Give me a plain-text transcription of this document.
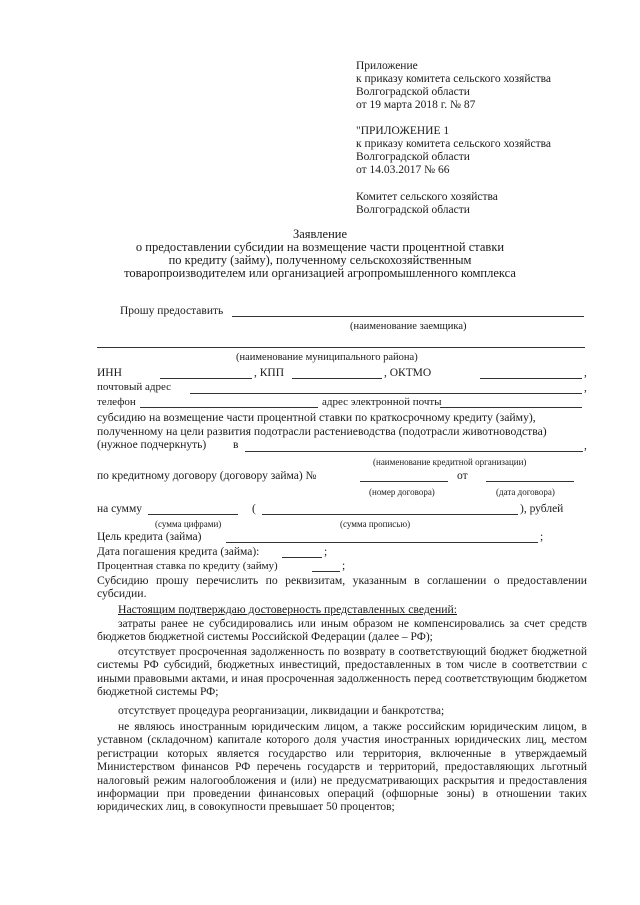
Приложение
к приказу комитета сельского хозяйства
Волгоградской области
от 19 марта 2018 г. № 87
"ПРИЛОЖЕНИЕ 1
к приказу комитета сельского хозяйства
Волгоградской области
от 14.03.2017 № 66
Комитет сельского хозяйства
Волгоградской области
Заявление
о предоставлении субсидии на возмещение части процентной ставки
по кредиту (займу), полученному сельскохозяйственным
товаропроизводителем или организацией агропромышленного комплекса
Прошу предоставить
(наименование заемщика)
(наименование муниципального района)
ИНН	, КПП	, ОКТМО	,
почтовый адрес	,
телефон	адрес электронной почты
субсидию на возмещение части процентной ставки по краткосрочному кредиту (займу),
полученному на цели развития подотрасли растениеводства (подотрасли животноводства)
(нужное подчеркнуть) в	,
(наименование кредитной организации)
по кредитному договору (договору займа) №	от
(номер договора)	(дата договора)
на сумму	(	), рублей
(сумма цифрами)	(сумма прописью)
Цель кредита (займа)	;
Дата погашения кредита (займа):	;
Процентная ставка по кредиту (займу)	;
Субсидию прошу перечислить по реквизитам, указанным в соглашении о предоставлении субсидии.
Настоящим подтверждаю достоверность представленных сведений:
затраты ранее не субсидировались или иным образом не компенсировались за счет средств бюджетов бюджетной системы Российской Федерации (далее – РФ);
отсутствует просроченная задолженность по возврату в соответствующий бюджет бюджетной системы РФ субсидий, бюджетных инвестиций, предоставленных в том числе в соответствии с иными правовыми актами, и иная просроченная задолженность перед соответствующим бюджетом бюджетной системы РФ;
отсутствует процедура реорганизации, ликвидации и банкротства;
не являюсь иностранным юридическим лицом, а также российским юридическим лицом, в уставном (складочном) капитале которого доля участия иностранных юридических лиц, местом регистрации которых является государство или территория, включенные в утверждаемый Министерством финансов РФ перечень государств и территорий, предоставляющих льготный налоговый режим налогообложения и (или) не предусматривающих раскрытия и предоставления информации при проведении финансовых операций (офшорные зоны) в отношении таких юридических лиц, в совокупности превышает 50 процентов;
